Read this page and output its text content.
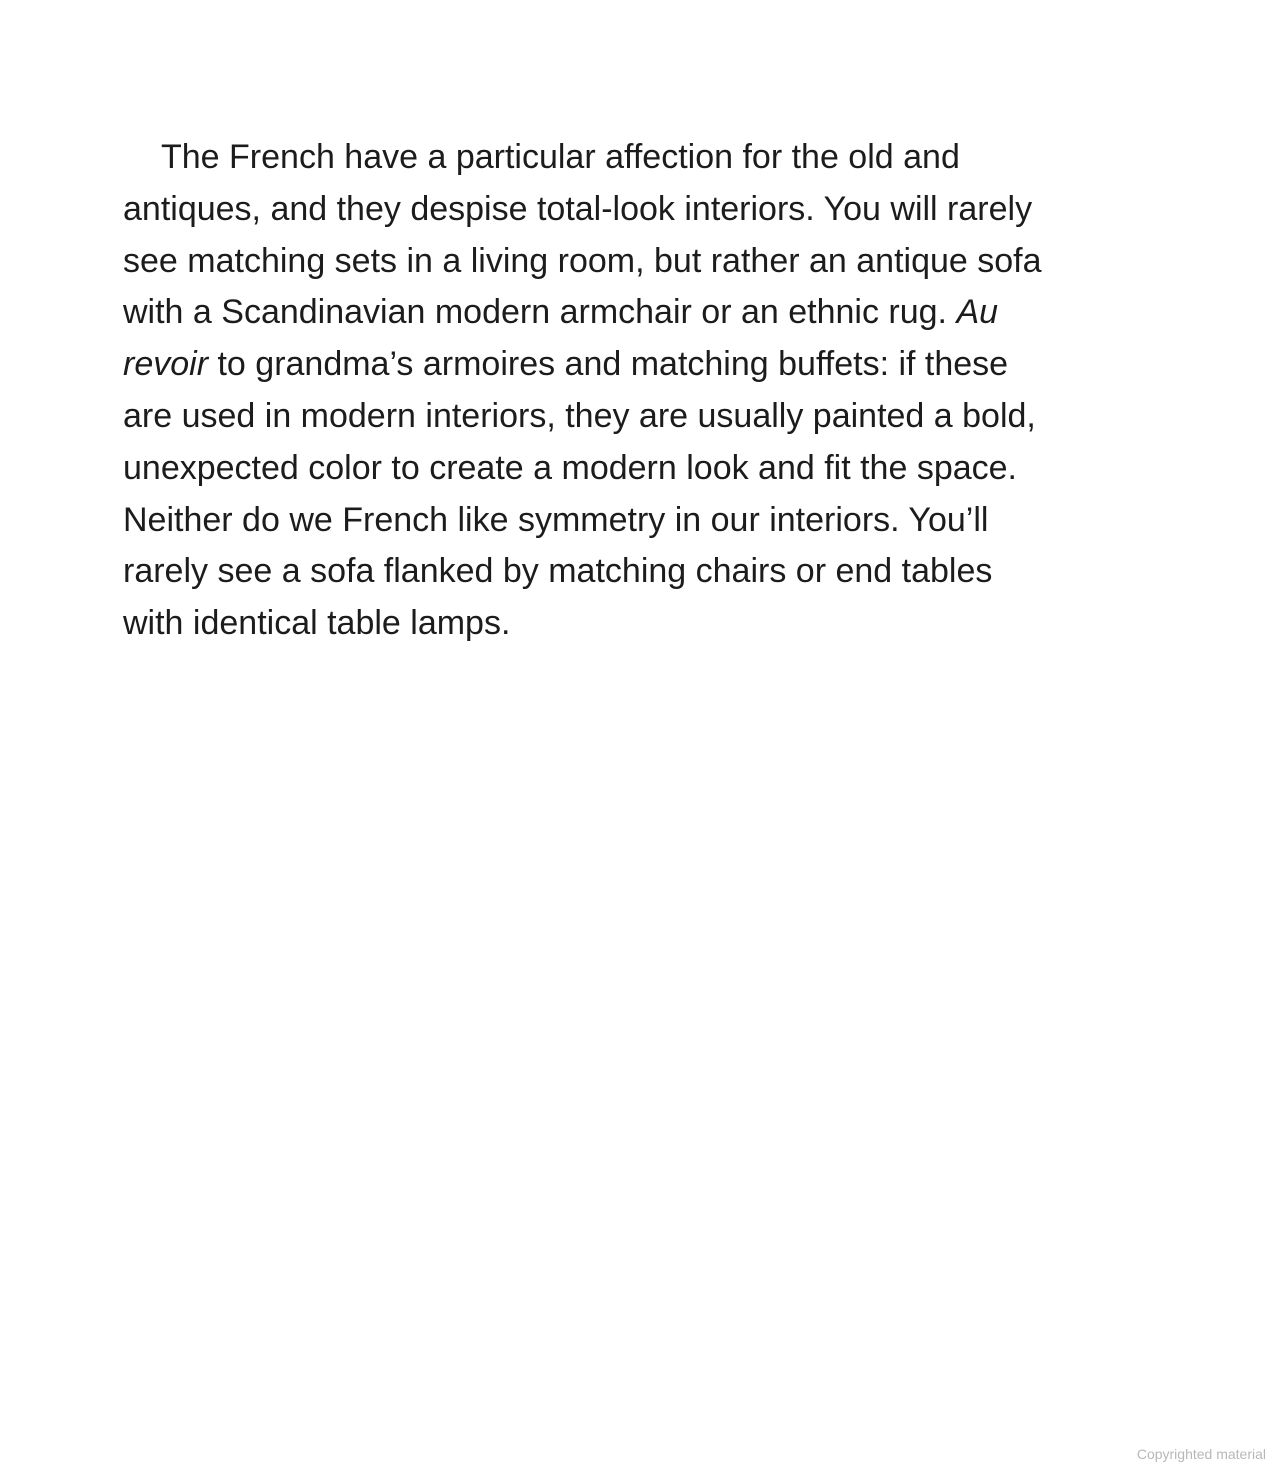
The French have a particular affection for the old and
antiques, and they despise total-look interiors. You will rarely
see matching sets in a living room, but rather an antique sofa
with a Scandinavian modern armchair or an ethnic rug. Au
revoir to grandma’s armoires and matching buffets: if these
are used in modern interiors, they are usually painted a bold,
unexpected color to create a modern look and fit the space.
Neither do we French like symmetry in our interiors. You’ll
rarely see a sofa flanked by matching chairs or end tables
with identical table lamps.

Copyrighted material
